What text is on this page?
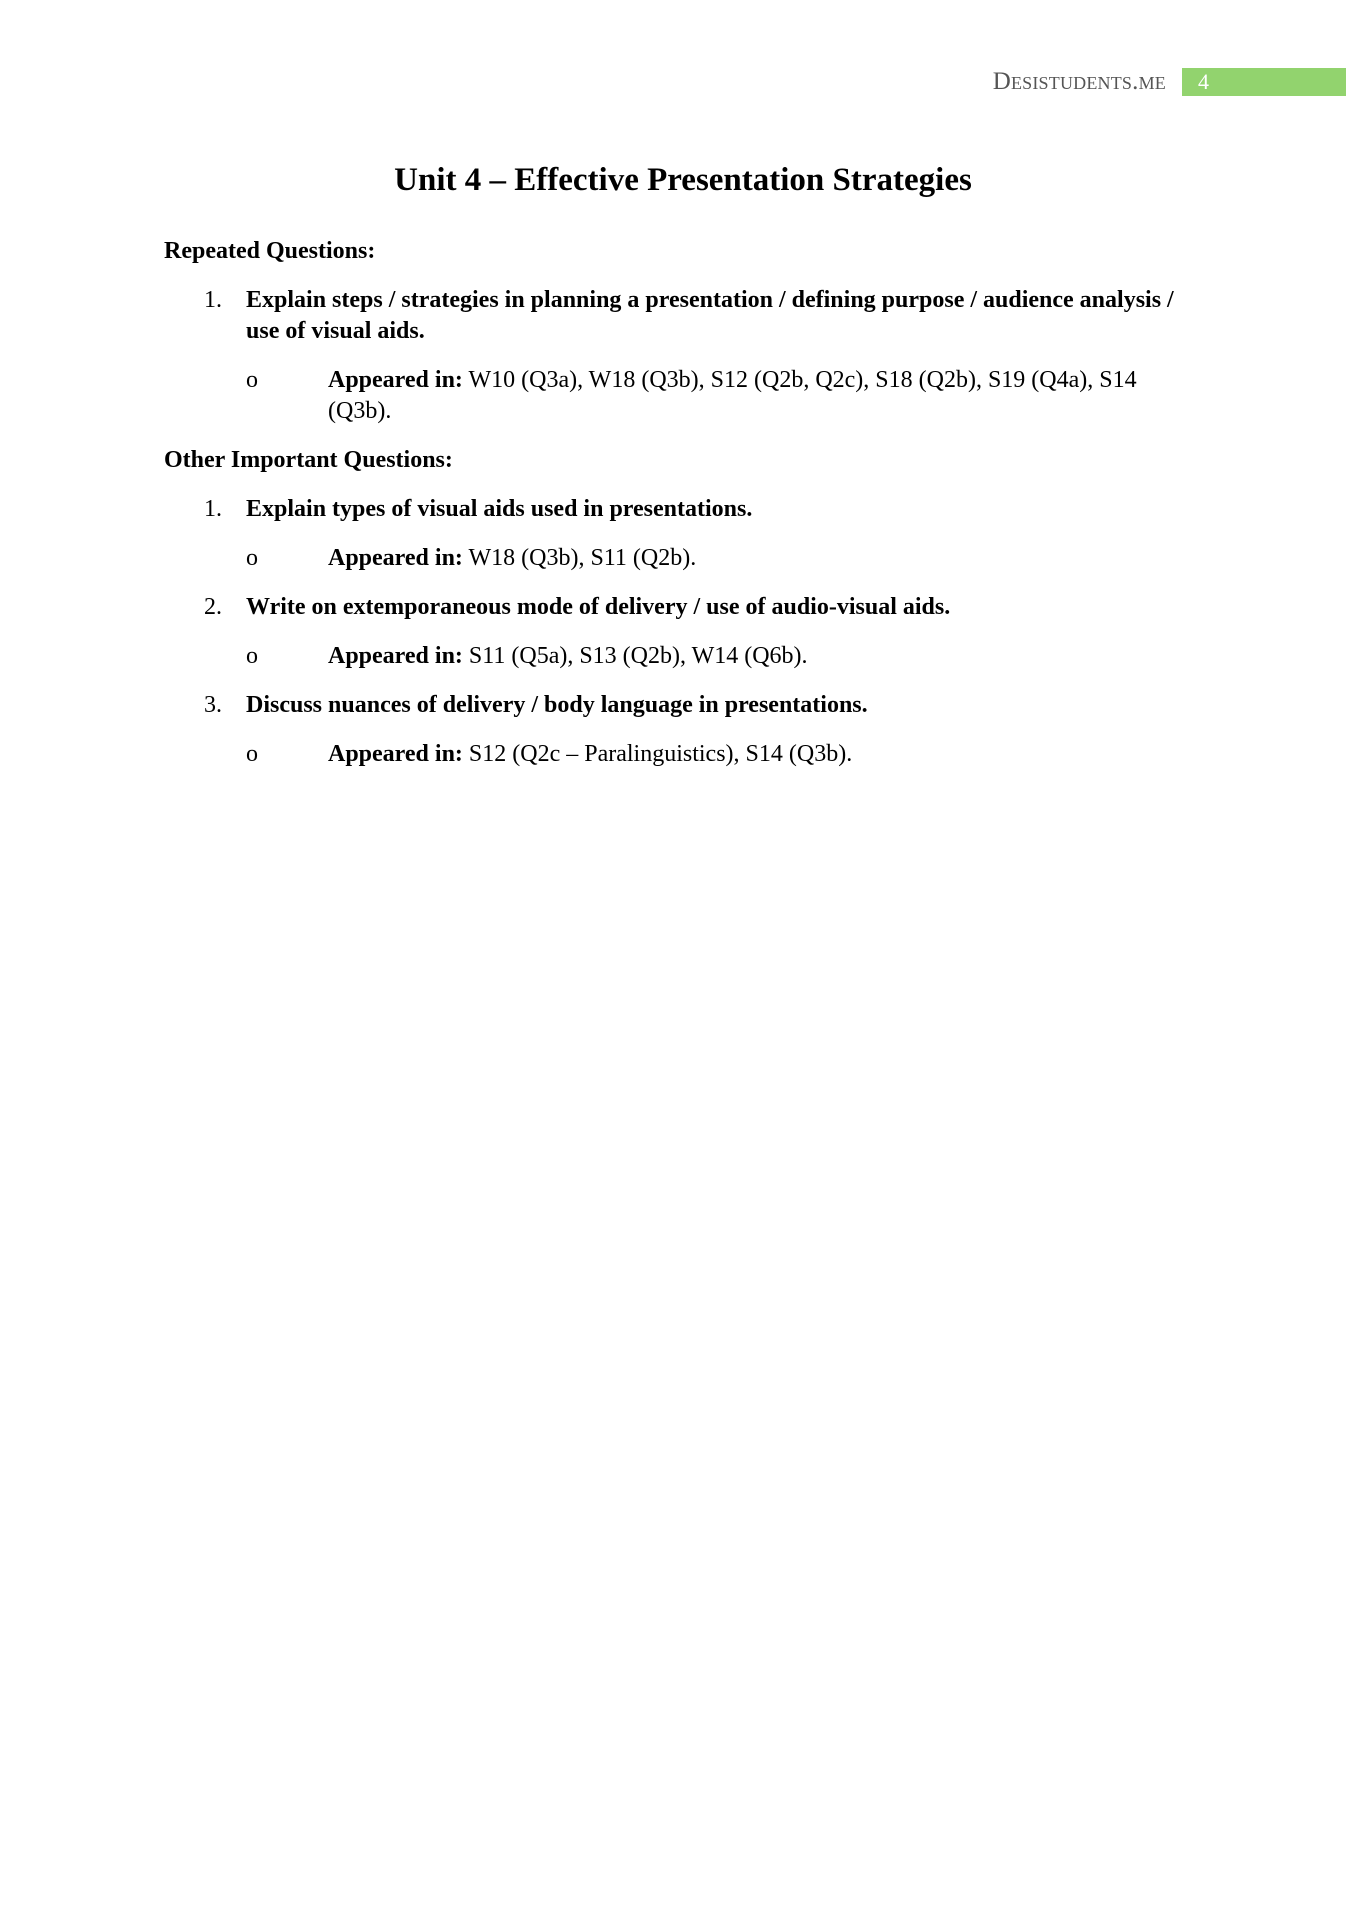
Desistudents.me	4
Unit 4 – Effective Presentation Strategies

Repeated Questions:

1.	Explain steps / strategies in planning a presentation / defining purpose / audience analysis / use of visual aids.
o	Appeared in: W10 (Q3a), W18 (Q3b), S12 (Q2b, Q2c), S18 (Q2b), S19 (Q4a), S14 (Q3b).

Other Important Questions:

1.	Explain types of visual aids used in presentations.
o	Appeared in: W18 (Q3b), S11 (Q2b).
2.	Write on extemporaneous mode of delivery / use of audio-visual aids.
o	Appeared in: S11 (Q5a), S13 (Q2b), W14 (Q6b).
3.	Discuss nuances of delivery / body language in presentations.
o	Appeared in: S12 (Q2c – Paralinguistics), S14 (Q3b).
